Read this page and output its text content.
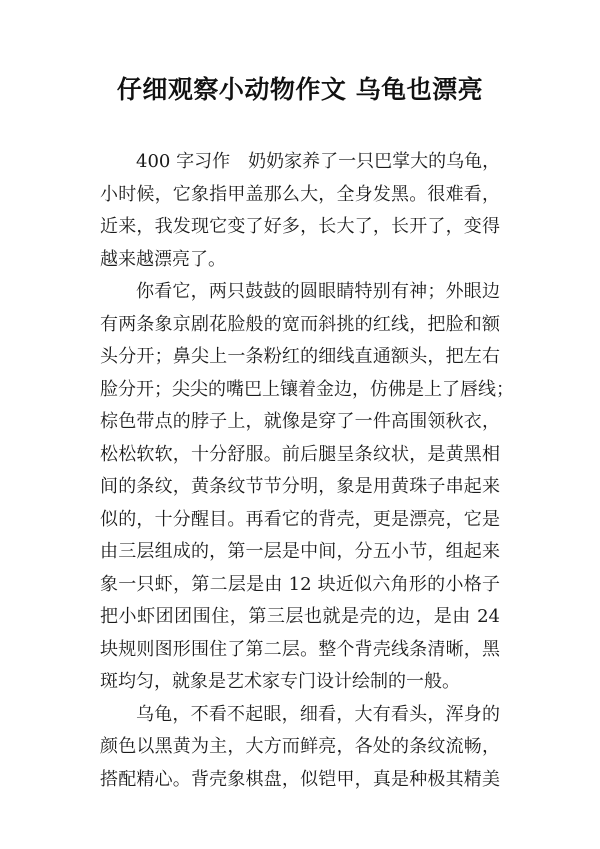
仔细观察小动物作文 乌龟也漂亮
400 字习作　奶奶家养了一只巴掌大的乌龟，
小时候，它象指甲盖那么大，全身发黑。很难看，
近来，我发现它变了好多，长大了，长开了，变得
越来越漂亮了。
你看它，两只鼓鼓的圆眼睛特别有神；外眼边
有两条象京剧花脸般的宽而斜挑的红线，把脸和额
头分开；鼻尖上一条粉红的细线直通额头，把左右
脸分开；尖尖的嘴巴上镶着金边，仿佛是上了唇线；
棕色带点的脖子上，就像是穿了一件高围领秋衣，
松松软软，十分舒服。前后腿呈条纹状，是黄黑相
间的条纹，黄条纹节节分明，象是用黄珠子串起来
似的，十分醒目。再看它的背壳，更是漂亮，它是
由三层组成的，第一层是中间，分五小节，组起来
象一只虾，第二层是由 12 块近似六角形的小格子
把小虾团团围住，第三层也就是壳的边，是由 24
块规则图形围住了第二层。整个背壳线条清晰，黑
斑均匀，就象是艺术家专门设计绘制的一般。
乌龟，不看不起眼，细看，大有看头，浑身的
颜色以黑黄为主，大方而鲜亮，各处的条纹流畅，
搭配精心。背壳象棋盘，似铠甲，真是种极其精美
